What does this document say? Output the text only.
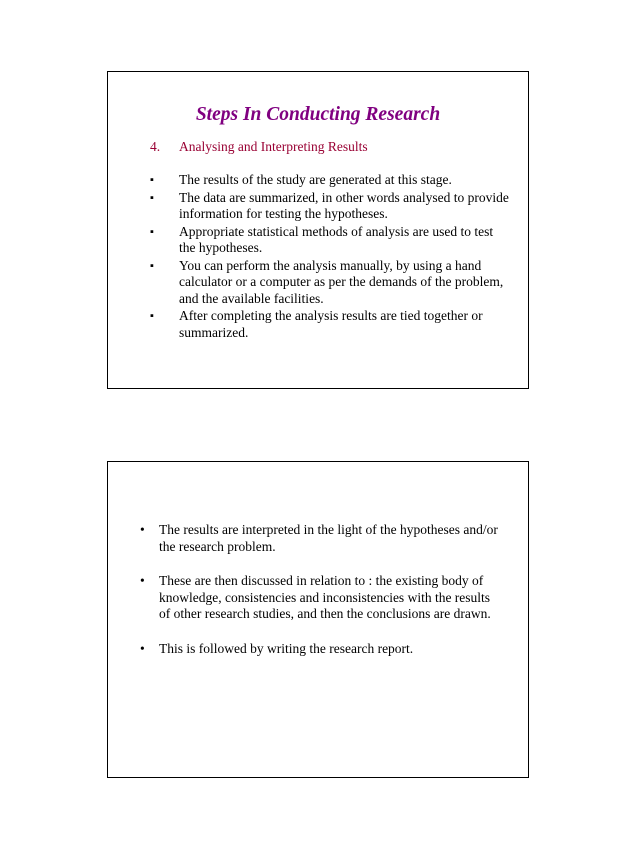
Steps In Conducting Research
4. Analysing and Interpreting Results
▪ The results of the study are generated at this stage.
▪ The data are summarized, in other words analysed to provide information for testing the hypotheses.
▪ Appropriate statistical methods of analysis are used to test the hypotheses.
▪ You can perform the analysis manually, by using a hand calculator or a computer as per the demands of the problem, and the available facilities.
▪ After completing the analysis results are tied together or summarized.
• The results are interpreted in the light of the hypotheses and/or the research problem.
• These are then discussed in relation to : the existing body of knowledge, consistencies and inconsistencies with the results of other research studies, and then the conclusions are drawn.
• This is followed by writing the research report.
